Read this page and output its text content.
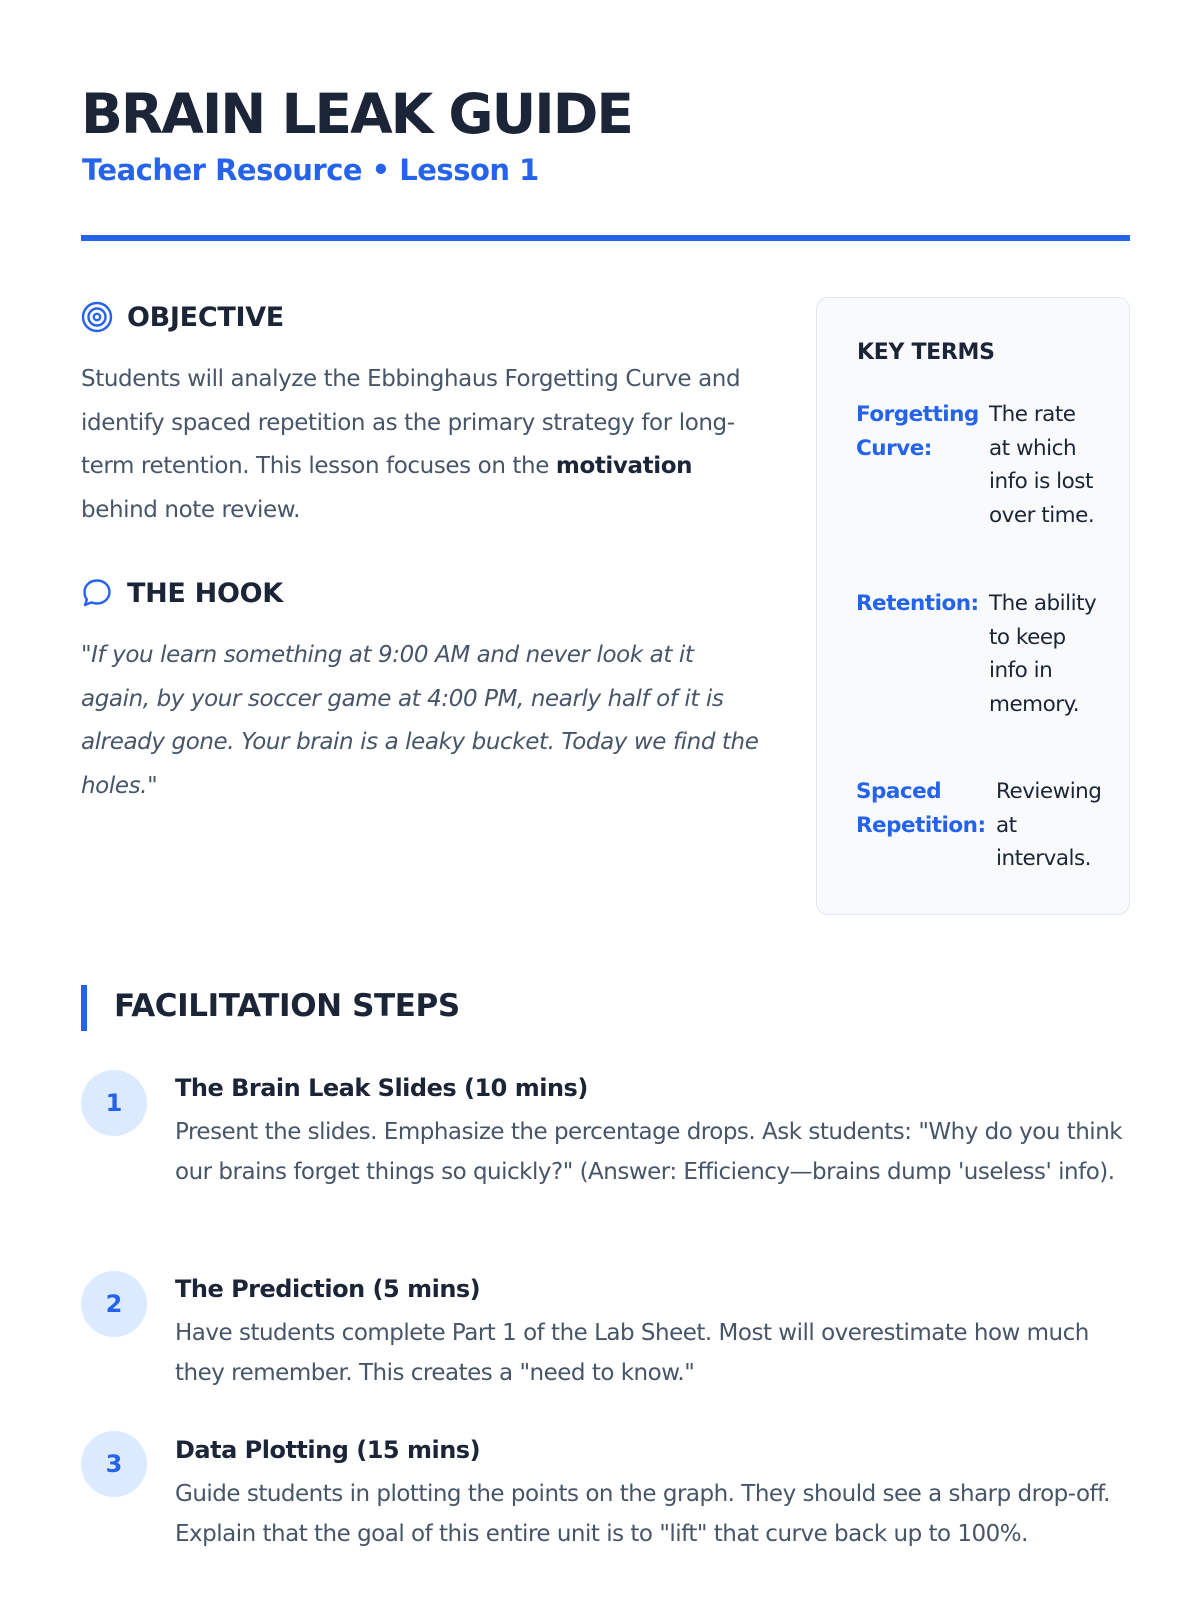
BRAIN LEAK GUIDE
Teacher Resource • Lesson 1
OBJECTIVE

Students will analyze the Ebbinghaus Forgetting Curve and identify spaced repetition as the primary strategy for long-term retention. This lesson focuses on the motivation behind note review.

THE HOOK

"If you learn something at 9:00 AM and never look at it again, by your soccer game at 4:00 PM, nearly half of it is already gone. Your brain is a leaky bucket. Today we find the holes."

KEY TERMS
Forgetting Curve:
The rate at which info is lost over time.
Retention: The ability to keep info in memory.
Spaced Repetition:
Reviewing at intervals.
FACILITATION STEPS
1
The Brain Leak Slides (10 mins)

Present the slides. Emphasize the percentage drops. Ask students: "Why do you think our brains forget things so quickly?" (Answer: Efficiency—brains dump 'useless' info).

2
The Prediction (5 mins)

Have students complete Part 1 of the Lab Sheet. Most will overestimate how much they remember. This creates a "need to know."

3	Data Plotting (15 mins)

Guide students in plotting the points on the graph. They should see a sharp drop-off. Explain that the goal of this entire unit is to "lift" that curve back up to 100%.
